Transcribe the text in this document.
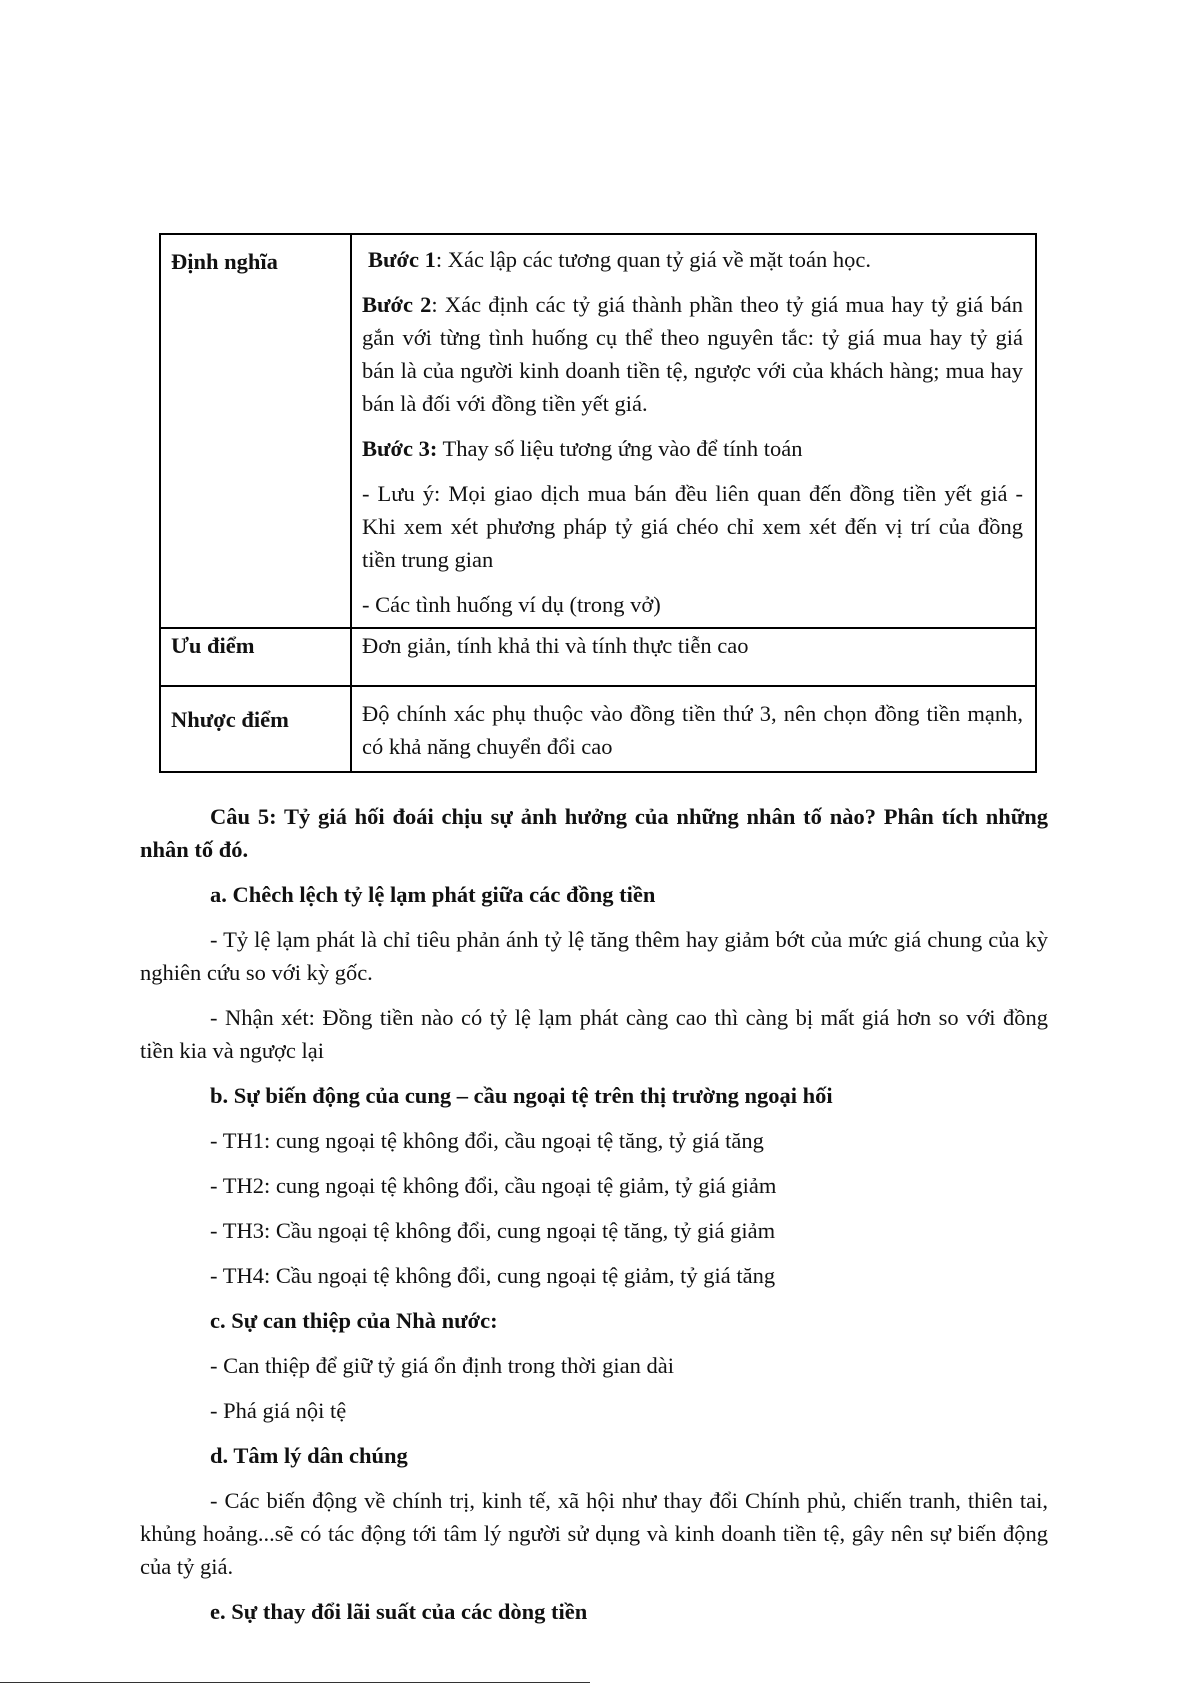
Định nghĩa	Bước 1: Xác lập các tương quan tỷ giá về mặt toán học.
Bước 2: Xác định các tỷ giá thành phần theo tỷ giá mua hay tỷ giá bán gắn với từng tình huống cụ thể theo nguyên tắc: tỷ giá mua hay tỷ giá bán là của người kinh doanh tiền tệ, ngược với của khách hàng; mua hay bán là đối với đồng tiền yết giá.
Bước 3: Thay số liệu tương ứng vào để tính toán
- Lưu ý: Mọi giao dịch mua bán đều liên quan đến đồng tiền yết giá - Khi xem xét phương pháp tỷ giá chéo chỉ xem xét đến vị trí của đồng tiền trung gian
- Các tình huống ví dụ (trong vở)

Ưu điểm	Đơn giản, tính khả thi và tính thực tiễn cao
Nhược điểm	Độ chính xác phụ thuộc vào đồng tiền thứ 3, nên chọn đồng tiền mạnh, có khả năng chuyển đổi cao
Câu 5: Tỷ giá hối đoái chịu sự ảnh hưởng của những nhân tố nào? Phân tích những nhân tố đó.
a. Chêch lệch tỷ lệ lạm phát giữa các đồng tiền
- Tỷ lệ lạm phát là chỉ tiêu phản ánh tỷ lệ tăng thêm hay giảm bớt của mức giá chung của kỳ nghiên cứu so với kỳ gốc.
- Nhận xét: Đồng tiền nào có tỷ lệ lạm phát càng cao thì càng bị mất giá hơn so với đồng tiền kia và ngược lại
b. Sự biến động của cung – cầu ngoại tệ trên thị trường ngoại hối
- TH1: cung ngoại tệ không đổi, cầu ngoại tệ tăng, tỷ giá tăng
- TH2: cung ngoại tệ không đổi, cầu ngoại tệ giảm, tỷ giá giảm
- TH3: Cầu ngoại tệ không đổi, cung ngoại tệ tăng, tỷ giá giảm
- TH4: Cầu ngoại tệ không đổi, cung ngoại tệ giảm, tỷ giá tăng
c. Sự can thiệp của Nhà nước:
- Can thiệp để giữ tỷ giá ổn định trong thời gian dài
- Phá giá nội tệ
d. Tâm lý dân chúng
- Các biến động về chính trị, kinh tế, xã hội như thay đổi Chính phủ, chiến tranh, thiên tai, khủng hoảng...sẽ có tác động tới tâm lý người sử dụng và kinh doanh tiền tệ, gây nên sự biến động của tỷ giá.
e. Sự thay đổi lãi suất của các dòng tiền
